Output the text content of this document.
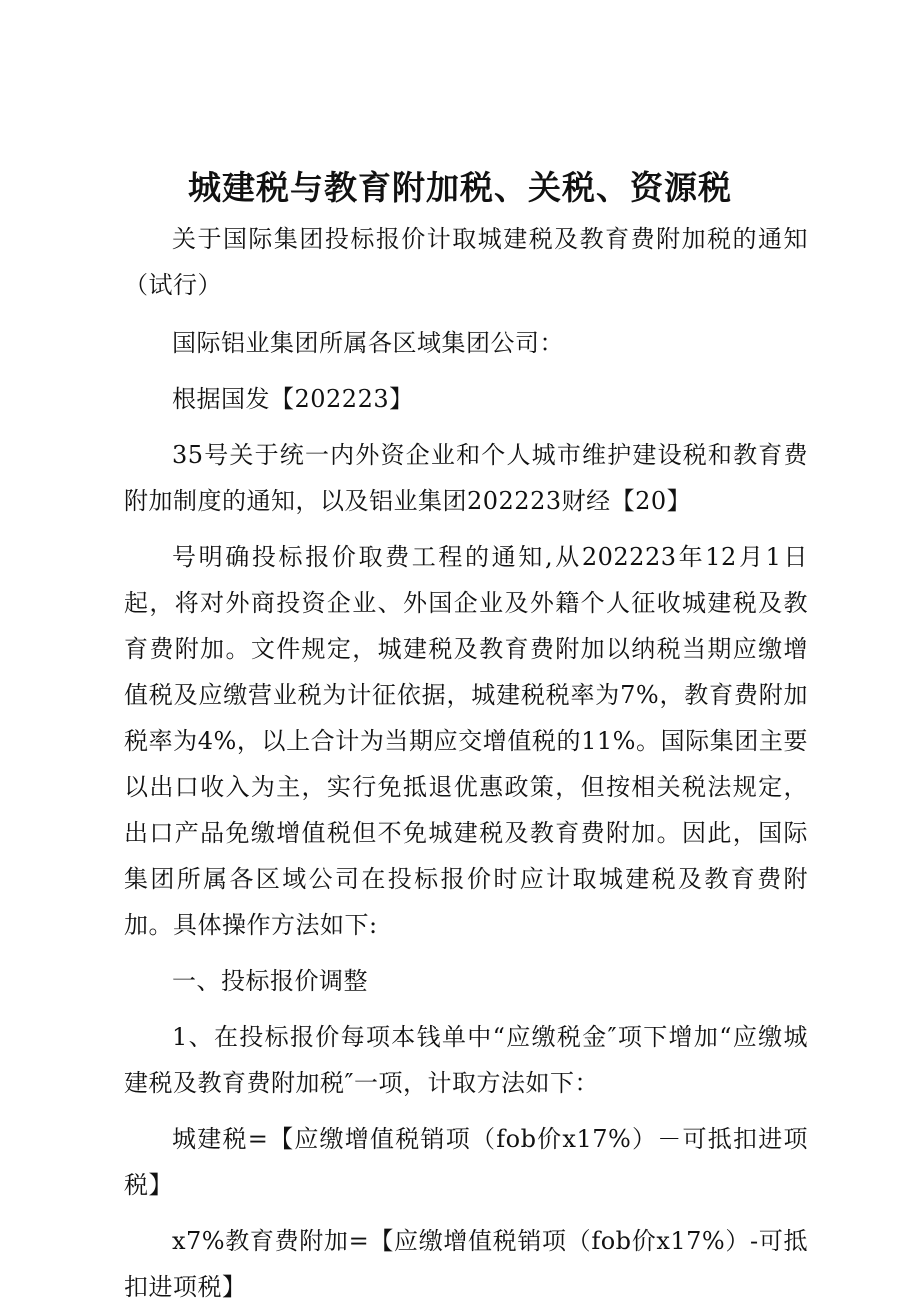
城建税与教育附加税、关税、资源税

关于国际集团投标报价计取城建税及教育费附加税的通知（试行）

国际铝业集团所属各区域集团公司：

根据国发【202223】

35号关于统一内外资企业和个人城市维护建设税和教育费附加制度的通知，以及铝业集团202223财经【20】

号明确投标报价取费工程的通知,从202223年12月1日起，将对外商投资企业、外国企业及外籍个人征收城建税及教育费附加。文件规定，城建税及教育费附加以纳税当期应缴增值税及应缴营业税为计征依据，城建税税率为7%，教育费附加税率为4%，以上合计为当期应交增值税的11%。国际集团主要以出口收入为主，实行免抵退优惠政策，但按相关税法规定，出口产品免缴增值税但不免城建税及教育费附加。因此，国际集团所属各区域公司在投标报价时应计取城建税及教育费附加。具体操作方法如下:

一、投标报价调整

1、在投标报价每项本钱单中“应缴税金″项下增加“应缴城建税及教育费附加税″一项，计取方法如下：

城建税=【应缴增值税销项（fob价x17%）－可抵扣进项税】

x7%教育费附加=【应缴增值税销项（fob价x17%）-可抵扣进项税】
